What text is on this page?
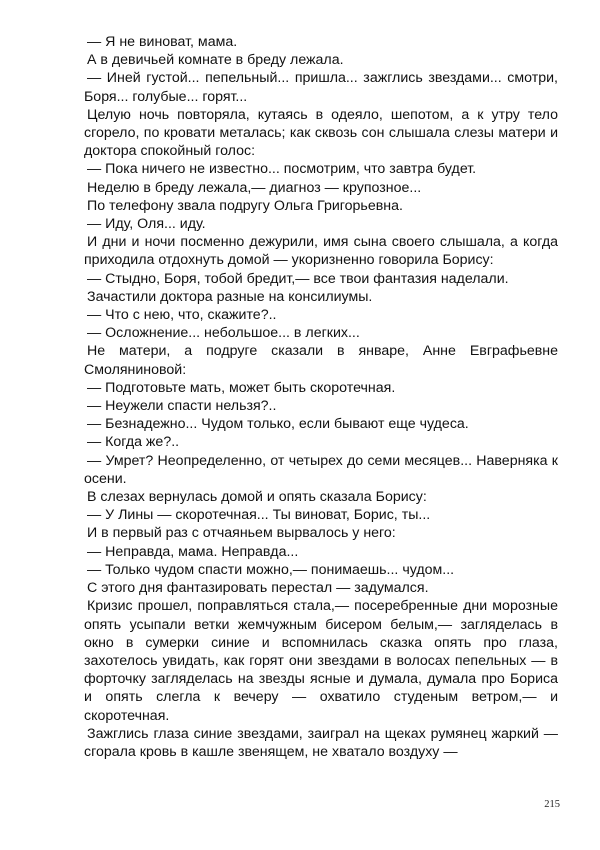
— Я не виноват, мама.

А в девичьей комнате в бреду лежала.

— Иней густой... пепельный... пришла... зажглись звездами... смотри, Боря... голубые... горят...

Целую ночь повторяла, кутаясь в одеяло, шепотом, а к утру тело сгорело, по кровати металась; как сквозь сон слышала слезы матери и доктора спокойный голос:

— Пока ничего не известно... посмотрим, что завтра будет.

Неделю в бреду лежала,— диагноз — крупозное...

По телефону звала подругу Ольга Григорьевна.

— Иду, Оля... иду.

И дни и ночи посменно дежурили, имя сына своего слышала, а когда приходила отдохнуть домой — укоризненно говорила Борису:

— Стыдно, Боря, тобой бредит,— все твои фантазия наделали.

Зачастили доктора разные на консилиумы.

— Что с нею, что, скажите?..

— Осложнение... небольшое... в легких...

Не матери, а подруге сказали в январе, Анне Евграфьевне Смоляниновой:

— Подготовьте мать, может быть скоротечная.

— Неужели спасти нельзя?..

— Безнадежно... Чудом только, если бывают еще чудеса.

— Когда же?..

— Умрет? Неопределенно, от четырех до семи месяцев... Наверняка к осени.

В слезах вернулась домой и опять сказала Борису:

— У Лины — скоротечная... Ты виноват, Борис, ты...

И в первый раз с отчаяньем вырвалось у него:

— Неправда, мама. Неправда...

— Только чудом спасти можно,— понимаешь... чудом...

С этого дня фантазировать перестал — задумался.

Кризис прошел, поправляться стала,— посеребренные дни морозные опять усыпали ветки жемчужным бисером белым,— загляделась в окно в сумерки синие и вспомнилась сказка опять про глаза, захотелось увидать, как горят они звездами в волосах пепельных — в форточку загляделась на звезды ясные и думала, думала про Бориса и опять слегла к вечеру — охватило студеным ветром,— и скоротечная.

Зажглись глаза синие звездами, заиграл на щеках румянец жаркий — сгорала кровь в кашле звенящем, не хватало воздуху —

215
